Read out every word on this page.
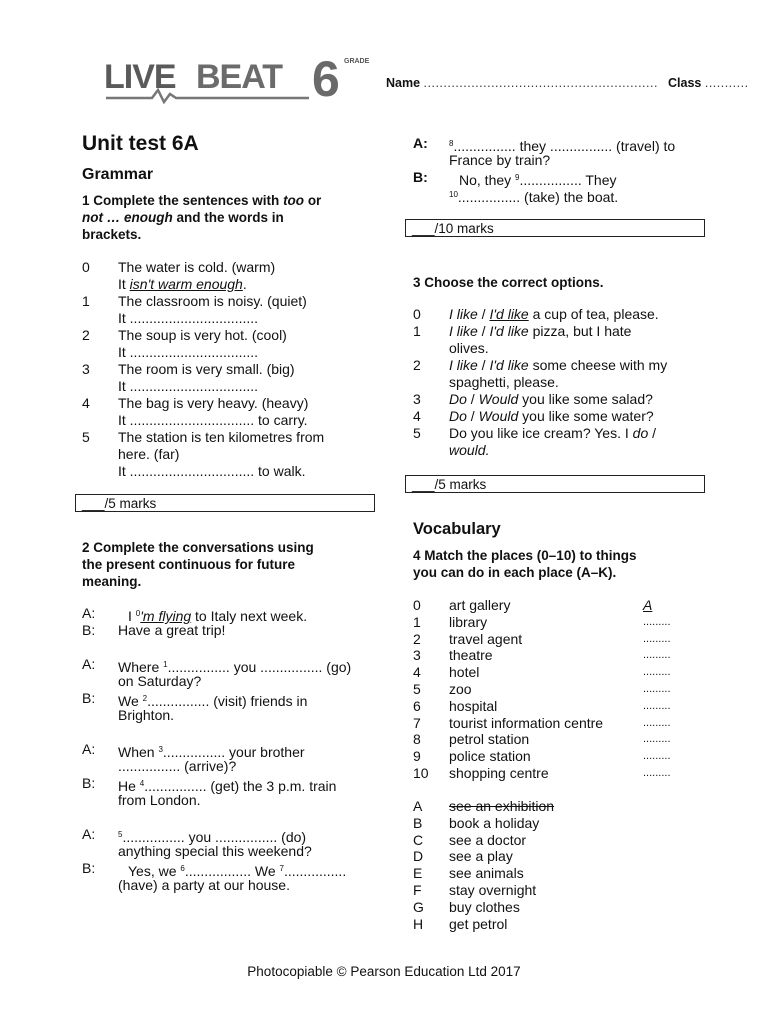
LIVE BEAT 6 GRADE
Name ........................................................... Class ...........
Unit test 6A
Grammar
1 Complete the sentences with too or
not … enough and the words in
brackets.
0 The water is cold. (warm)
It isn't warm enough.
1 The classroom is noisy. (quiet)
It .................................
2 The soup is very hot. (cool)
It .................................
3 The room is very small. (big)
It .................................
4 The bag is very heavy. (heavy)
It ................................ to carry.
5 The station is ten kilometres from
here. (far)
It ................................ to walk.
___/5 marks
2 Complete the conversations using
the present continuous for future
meaning.
A: I $^0$'m flying to Italy next week.
B: Have a great trip!
A: Where $^1$................ you ................ (go)
on Saturday?
B: We $^2$................ (visit) friends in
Brighton.
A: When $^3$................ your brother
................ (arrive)?
B: He $^4$................ (get) the 3 p.m. train
from London.
A:	$^5$................ you ................ (do)
anything special this weekend?
B: Yes, we $^6$................. We $^7$................
(have) a party at our house.
A:	$^8$................ they ................ (travel) to
France by train?
B: No, they $^9$................ They
$^{10}$................ (take) the boat.
___/10 marks
3 Choose the correct options.
0 I like / I'd like a cup of tea, please.
1 I like / I'd like pizza, but I hate
olives.
2 I like / I'd like some cheese with my
spaghetti, please.
3 Do / Would you like some salad?
4 Do / Would you like some water?
5 Do you like ice cream? Yes. I do /
would.
___/5 marks
Vocabulary
4 Match the places (0–10) to things
you can do in each place (A–K).
0 art gallery	A
1 library	.........
2 travel agent	.........
3 theatre	.........
4 hotel	.........
5 zoo	.........
6 hospital	.........
7 tourist information centre	.........
8 petrol station	.........
9 police station	.........
10 shopping centre	.........
A see an exhibition
B book a holiday
C see a doctor
D see a play
E see animals
F stay overnight
G buy clothes
H get petrol
Photocopiable © Pearson Education Ltd 2017
